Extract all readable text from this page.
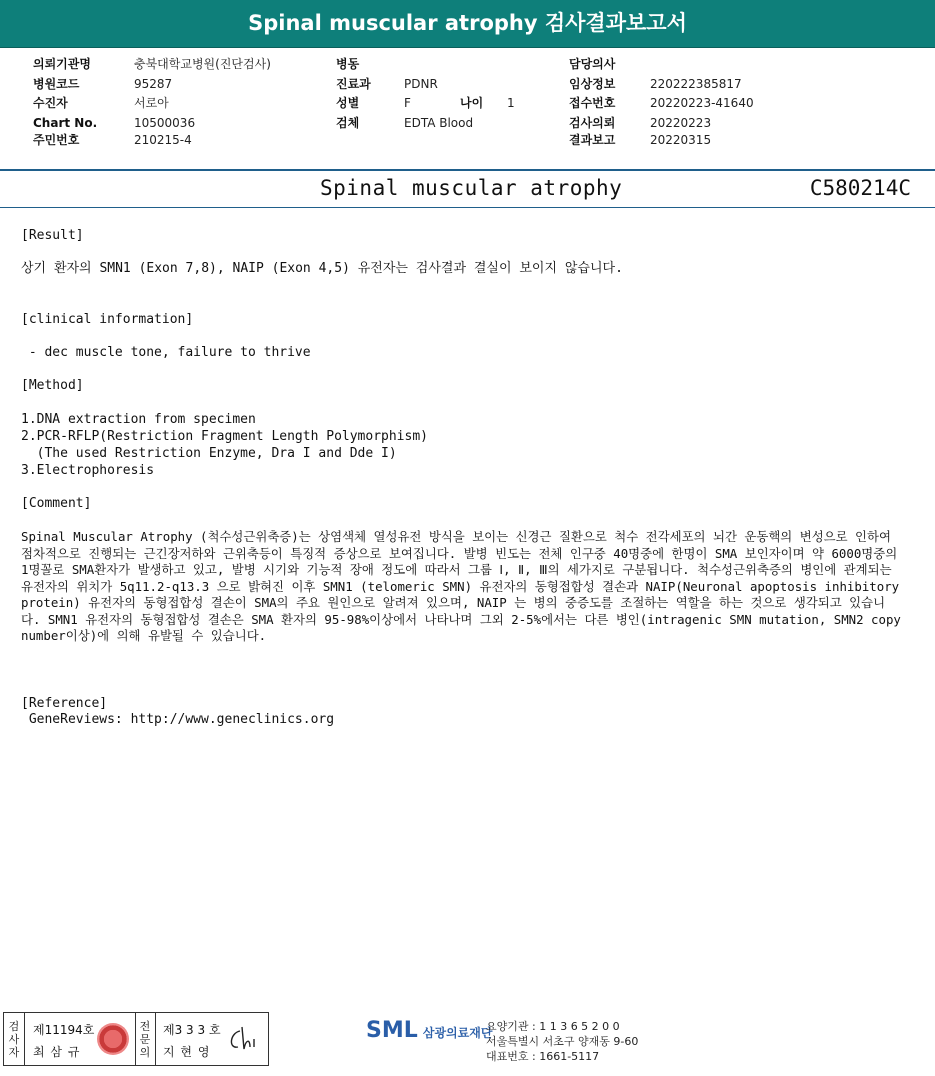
Spinal muscular atrophy 검사결과보고서
의뢰기관명	충북대학교병원(진단검사)
병원코드	95287
수진자	서로아
Chart No.	10500036
주민번호	210215-4
병동
진료과	PDNR
성별	F	나이 1
검체	EDTA Blood
담당의사
임상정보	220222385817
접수번호	20220223-41640
검사의뢰	20220223
결과보고	20220315
Spinal muscular atrophy	C580214C

[Result]

상기 환자의 SMN1 (Exon 7,8), NAIP (Exon 4,5) 유전자는 검사결과 결실이 보이지 않습니다.

[clinical information]

- dec muscle tone, failure to thrive

[Method]

1.DNA extraction from specimen

2.PCR-RFLP(Restriction Fragment Length Polymorphism)

(The used Restriction Enzyme, Dra I and Dde I)

3.Electrophoresis

[Comment]

Spinal Muscular Atrophy (척수성근위축증)는 상염색체 열성유전 방식을 보이는 신경근 질환으로 척수 전각세포의 뇌간 운동핵의 변성으로 인하여 점차적으로 진행되는 근긴장저하와 근위축등이 특징적 증상으로 보여집니다. 발병 빈도는 전체 인구중 40명중에 한명이 SMA 보인자이며 약 6000명중의 1명꼴로 SMA환자가 발생하고 있고, 발병 시기와 기능적 장애 정도에 따라서 그룹 Ⅰ, Ⅱ, Ⅲ의 세가지로 구분됩니다. 척수성근위축증의 병인에 관계되는 유전자의 위치가 5q11.2-q13.3 으로 밝혀진 이후 SMN1 (telomeric SMN) 유전자의 동형접합성 결손과 NAIP(Neuronal apoptosis inhibitory protein) 유전자의 동형접합성 결손이 SMA의 주요 원인으로 알려져 있으며, NAIP 는 병의 중증도를 조절하는 역할을 하는 것으로 생각되고 있습니다. SMN1 유전자의 동형접합성 결손은 SMA 환자의 95-98%이상에서 나타나며 그외 2-5%에서는 다른 병인(intragenic SMN mutation, SMN2 copy number이상)에 의해 유발될 수 있습니다.

[Reference]

GeneReviews: http://www.geneclinics.org

검사자
제11194호
최 삼 규
전문의
제3 3 3 호
지 현 영
SML 삼광의료재단
요양기관 : 1 1 3 6 5 2 0 0
서울특별시 서초구 양재동 9-60
대표번호 : 1661-5117
